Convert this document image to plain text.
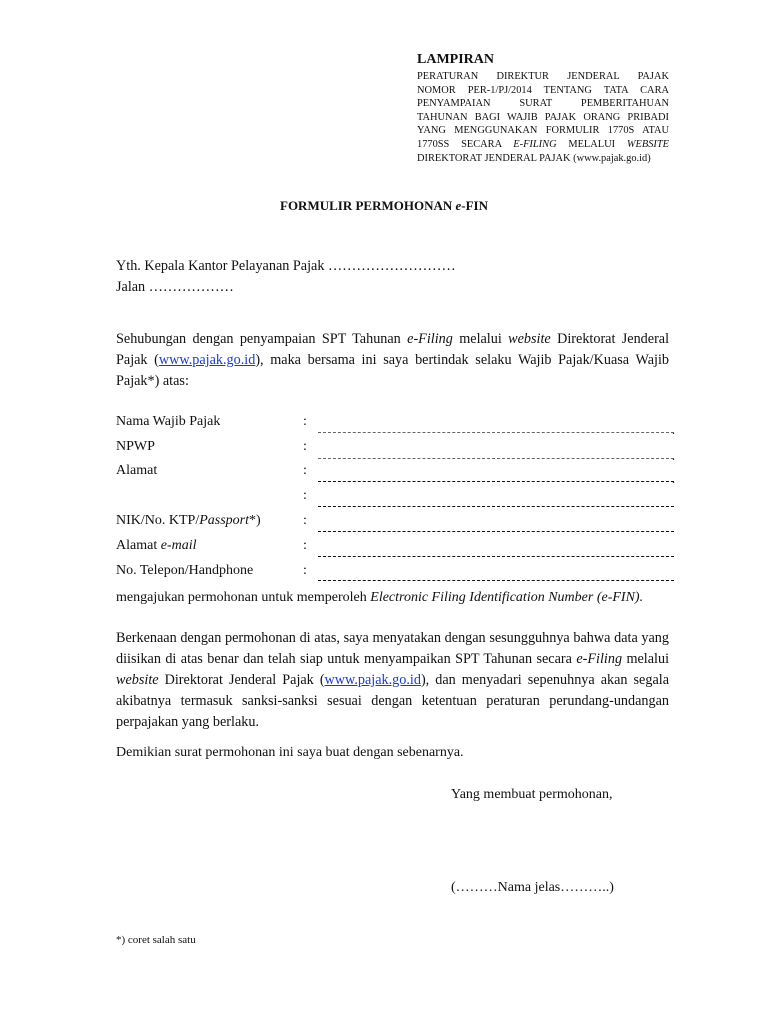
LAMPIRAN
PERATURAN DIREKTUR JENDERAL PAJAK
NOMOR PER-1/PJ/2014 TENTANG TATA CARA
PENYAMPAIAN SURAT PEMBERITAHUAN
TAHUNAN BAGI WAJIB PAJAK ORANG PRIBADI
YANG MENGGUNAKAN FORMULIR 1770S ATAU
1770SS SECARA E-FILING MELALUI WEBSITE
DIREKTORAT JENDERAL PAJAK (www.pajak.go.id)
FORMULIR PERMOHONAN e-FIN
Yth. Kepala Kantor Pelayanan Pajak ………………………
Jalan ………………
Sehubungan dengan penyampaian SPT Tahunan e-Filing melalui website Direktorat Jenderal Pajak (www.pajak.go.id), maka bersama ini saya bertindak selaku Wajib Pajak/Kuasa Wajib Pajak*) atas:
Nama Wajib Pajak	:
.
NPWP	:
.
Alamat	:
.
:
NIK/No. KTP/Passport*)	:
Alamat e-mail	:
No. Telepon/Handphone	:
mengajukan permohonan untuk memperoleh Electronic Filing Identification Number (e-FIN).
Berkenaan dengan permohonan di atas, saya menyatakan dengan sesungguhnya bahwa data yang diisikan di atas benar dan telah siap untuk menyampaikan SPT Tahunan secara e-Filing melalui website Direktorat Jenderal Pajak (www.pajak.go.id), dan menyadari sepenuhnya akan segala akibatnya termasuk sanksi-sanksi sesuai dengan ketentuan peraturan perundang-undangan perpajakan yang berlaku.
Demikian surat permohonan ini saya buat dengan sebenarnya.
Yang membuat permohonan,
(………Nama jelas………..)
*) coret salah satu
